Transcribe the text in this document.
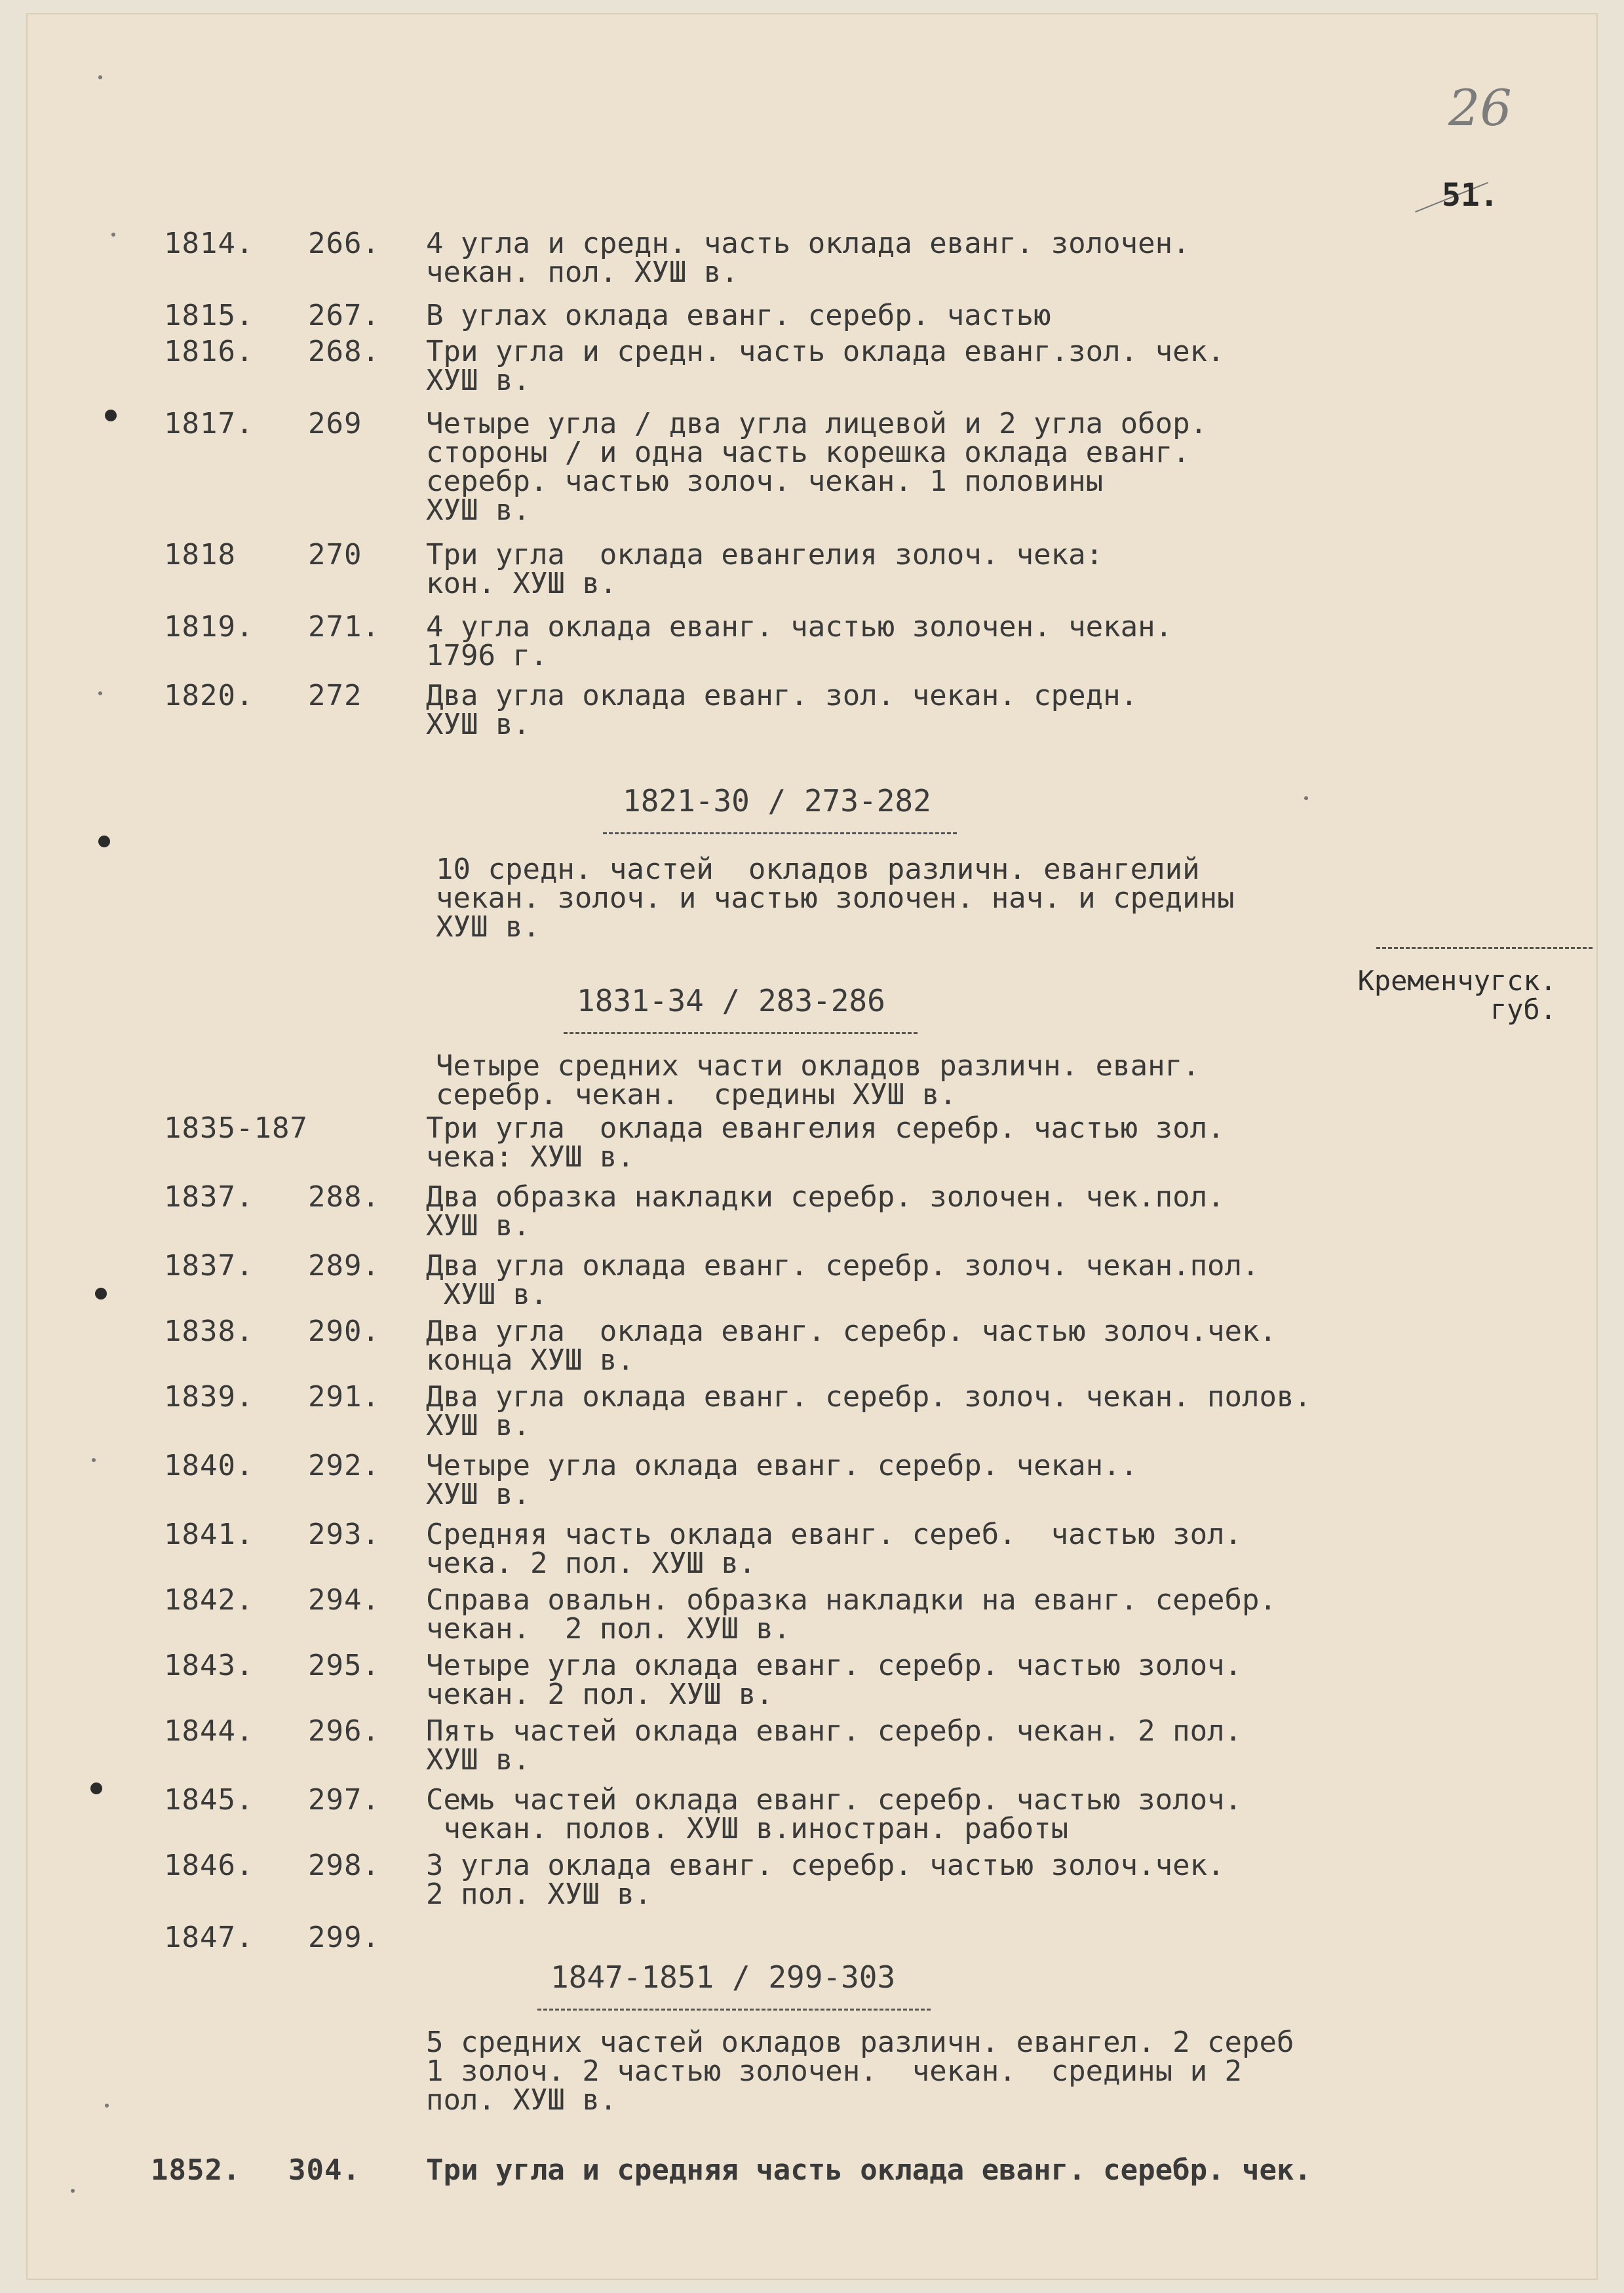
26
51.
1814. 266. 4 угла и средн. часть оклада еванг. золочен.
чекан. пол. ХУШ в.
1815. 267. В углах оклада еванг. серебр. частью
1816. 268. Три угла и средн. часть оклада еванг.зол. чек.
ХУШ в.
1817. 269 Четыре угла / два угла лицевой и 2 угла обор.
стороны / и одна часть корешка оклада еванг.
серебр. частью золоч. чекан. 1 половины
ХУШ в.
1818	270 Три угла  оклада евангелия золоч. чека:
кон. ХУШ в.
1819. 271. 4 угла оклада еванг. частью золочен. чекан.
1796 г.
1820. 272 Два угла оклада еванг. зол. чекан. средн.
ХУШ в.
1821-30 / 273-282
10 средн. частей  окладов различн. евангелий
чекан. золоч. и частью золочен. нач. и средины
ХУШ в.
Кременчугск.
губ.
1831-34 / 283-286
Четыре средних части окладов различн. еванг.
серебр. чекан.  средины ХУШ в.
1835-187	Три угла  оклада евангелия серебр. частью зол.
чека: ХУШ в.
1837. 288. Два образка накладки серебр. золочен. чек.пол.
ХУШ в.
1837. 289. Два угла оклада еванг. серебр. золоч. чекан.пол.
ХУШ в.
1838. 290. Два угла  оклада еванг. серебр. частью золоч.чек.
конца ХУШ в.
1839. 291. Два угла оклада еванг. серебр. золоч. чекан. полов.
ХУШ в.
1840. 292. Четыре угла оклада еванг. серебр. чекан..
ХУШ в.
1841. 293. Средняя часть оклада еванг. сереб.  частью зол.
чека. 2 пол. ХУШ в.
1842. 294. Справа овальн. образка накладки на еванг. серебр.
чекан.  2 пол. ХУШ в.
1843. 295. Четыре угла оклада еванг. серебр. частью золоч.
чекан. 2 пол. ХУШ в.
1844. 296. Пять частей оклада еванг. серебр. чекан. 2 пол.
ХУШ в.
1845. 297. Семь частей оклада еванг. серебр. частью золоч.
чекан. полов. ХУШ в.иностран. работы
1846. 298. 3 угла оклада еванг. серебр. частью золоч.чек.
2 пол. ХУШ в.
1847. 299.
1847-1851 / 299-303
5 средних частей окладов различн. евангел. 2 сереб
1 золоч. 2 частью золочен.  чекан.  средины и 2
пол. ХУШ в.
1852. 304. Три угла и средняя часть оклада еванг. серебр. чек.
